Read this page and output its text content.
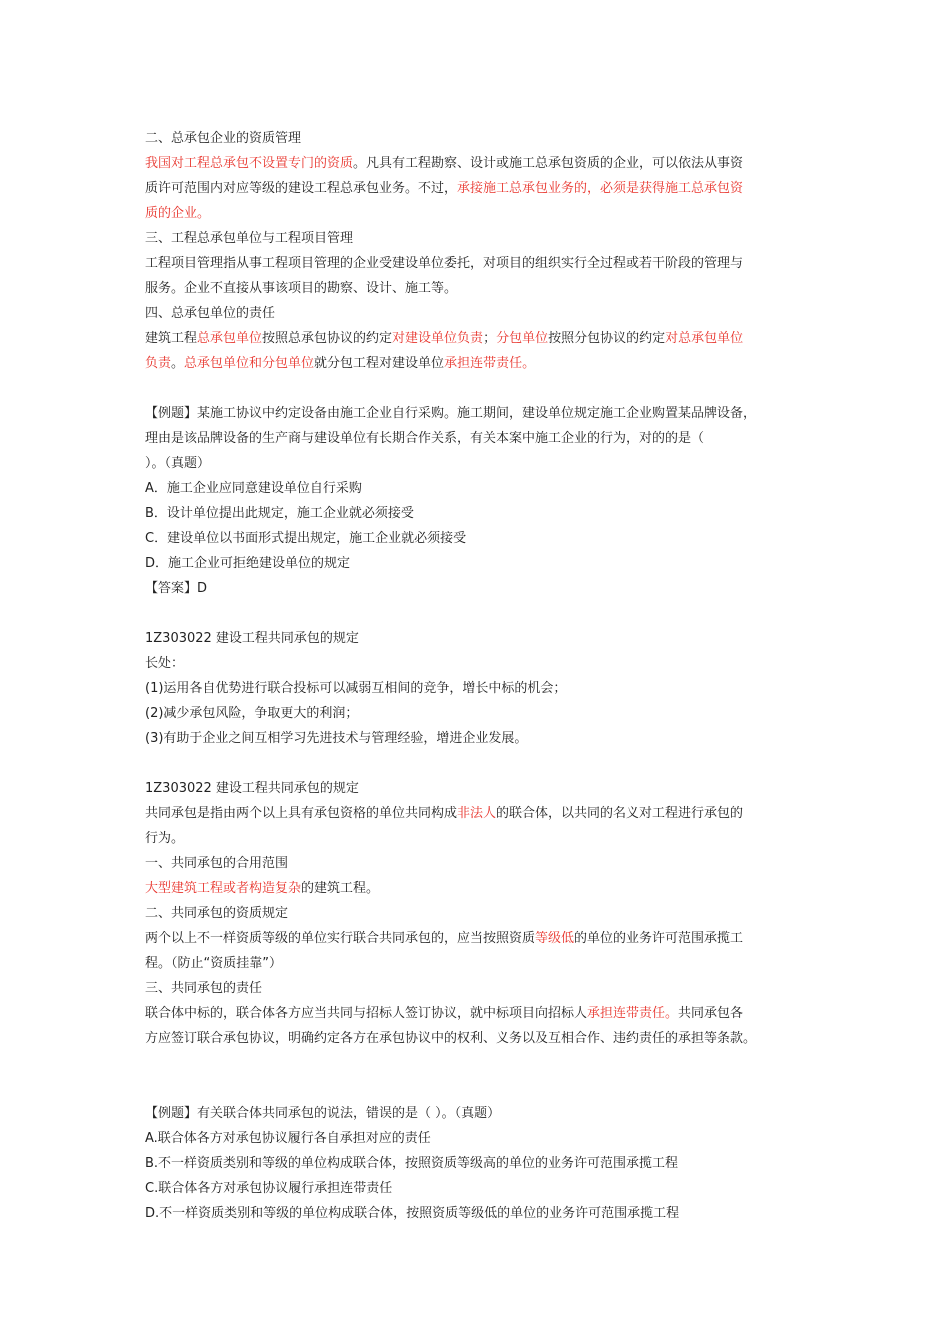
二、总承包企业的资质管理
我国对工程总承包不设置专门的资质。凡具有工程勘察、设计或施工总承包资质的企业，可以依法从事资
质许可范围内对应等级的建设工程总承包业务。不过，承接施工总承包业务的，必须是获得施工总承包资
质的企业。
三、工程总承包单位与工程项目管理
工程项目管理指从事工程项目管理的企业受建设单位委托，对项目的组织实行全过程或若干阶段的管理与
服务。企业不直接从事该项目的勘察、设计、施工等。
四、总承包单位的责任
建筑工程总承包单位按照总承包协议的约定对建设单位负责；分包单位按照分包协议的约定对总承包单位
负责。总承包单位和分包单位就分包工程对建设单位承担连带责任。
【例题】某施工协议中约定设备由施工企业自行采购。施工期间，建设单位规定施工企业购置某品牌设备，
理由是该品牌设备的生产商与建设单位有长期合作关系，有关本案中施工企业的行为，对的的是（
）。（真题）
A．施工企业应同意建设单位自行采购
B．设计单位提出此规定，施工企业就必须接受
C．建设单位以书面形式提出规定，施工企业就必须接受
D．施工企业可拒绝建设单位的规定
【答案】D
1Z303022 建设工程共同承包的规定
长处：
(1)运用各自优势进行联合投标可以减弱互相间的竞争，增长中标的机会；
(2)减少承包风险，争取更大的利润；
(3)有助于企业之间互相学习先进技术与管理经验，增进企业发展。
1Z303022 建设工程共同承包的规定
共同承包是指由两个以上具有承包资格的单位共同构成非法人的联合体，以共同的名义对工程进行承包的
行为。
一、共同承包的合用范围
大型建筑工程或者构造复杂的建筑工程。
二、共同承包的资质规定
两个以上不一样资质等级的单位实行联合共同承包的，应当按照资质等级低的单位的业务许可范围承揽工
程。（防止“资质挂靠”）
三、共同承包的责任
联合体中标的，联合体各方应当共同与招标人签订协议，就中标项目向招标人承担连带责任。共同承包各
方应签订联合承包协议，明确约定各方在承包协议中的权利、义务以及互相合作、违约责任的承担等条款。
【例题】有关联合体共同承包的说法，错误的是（ ）。（真题）
A.联合体各方对承包协议履行各自承担对应的责任
B.不一样资质类别和等级的单位构成联合体，按照资质等级高的单位的业务许可范围承揽工程
C.联合体各方对承包协议履行承担连带责任
D.不一样资质类别和等级的单位构成联合体，按照资质等级低的单位的业务许可范围承揽工程
